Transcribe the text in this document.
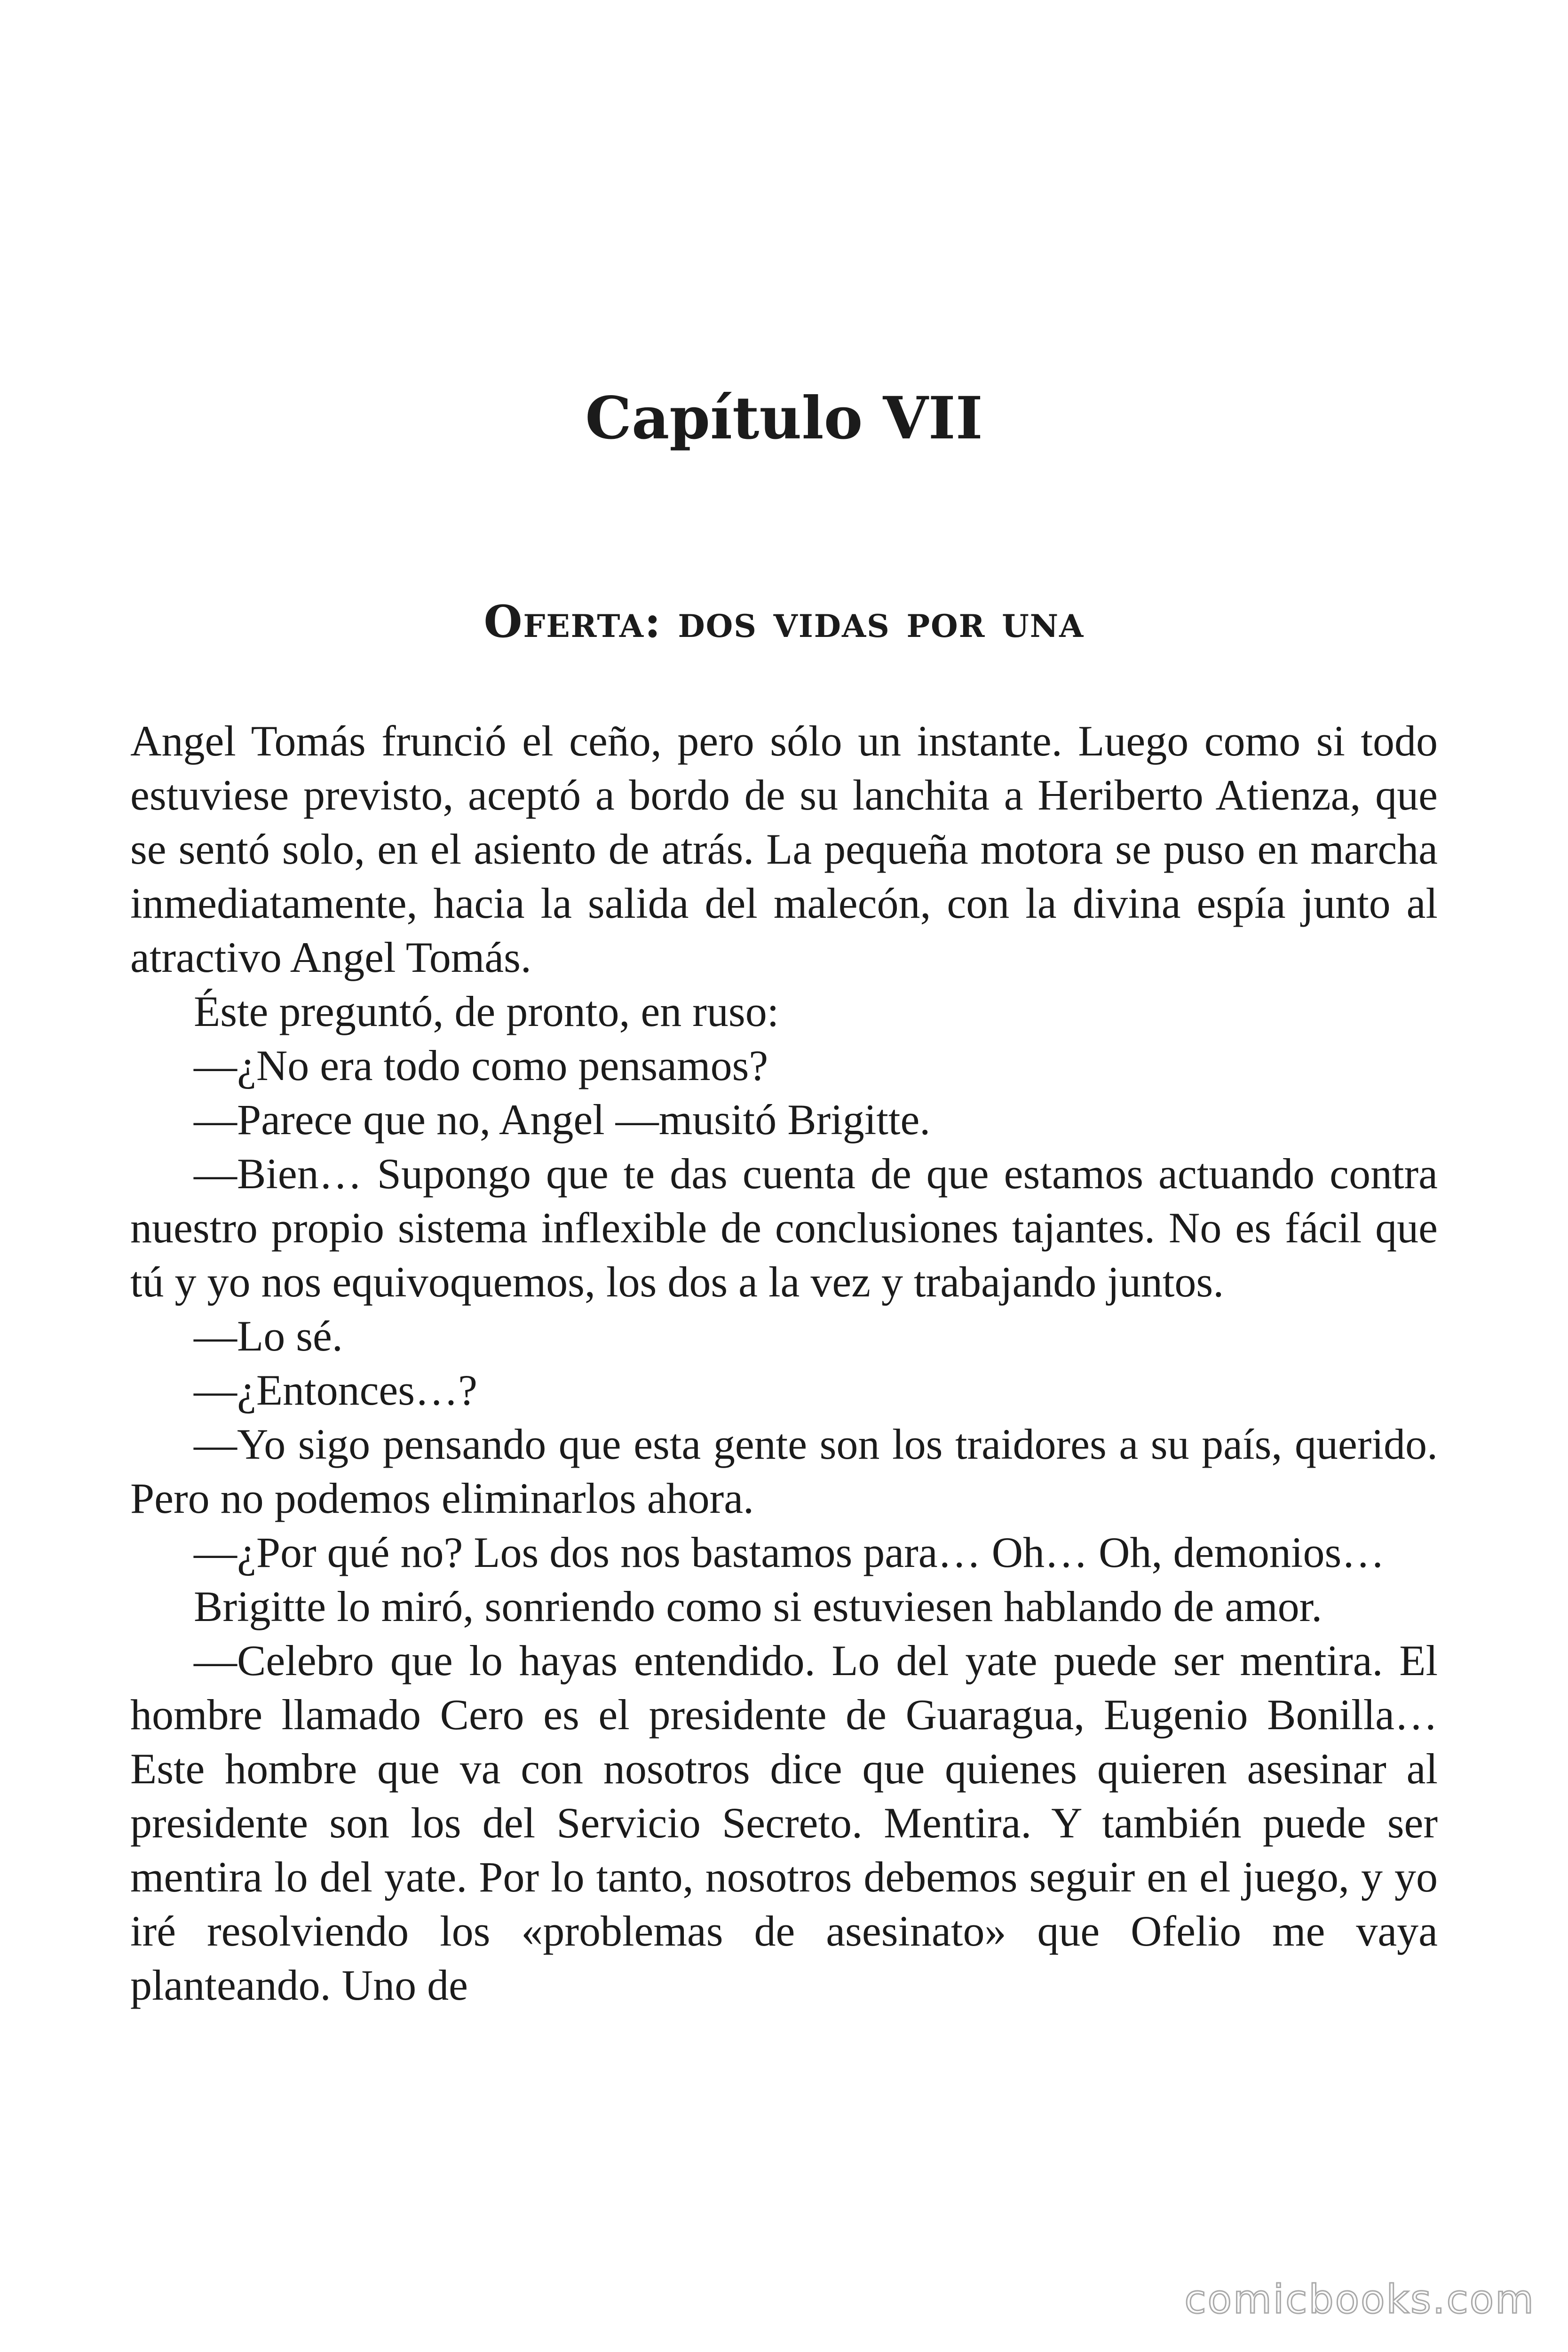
Capítulo VII
Oferta: dos vidas por una

Angel Tomás frunció el ceño, pero sólo un instante. Luego como si todo estuviese previsto, aceptó a bordo de su lanchita a Heriberto Atienza, que se sentó solo, en el asiento de atrás. La pequeña motora se puso en marcha inmediatamente, hacia la salida del malecón, con la divina espía junto al atractivo Angel Tomás.

Éste preguntó, de pronto, en ruso:

—¿No era todo como pensamos?

—Parece que no, Angel —musitó Brigitte.

—Bien… Supongo que te das cuenta de que estamos actuando contra nuestro propio sistema inflexible de conclusiones tajantes. No es fácil que tú y yo nos equivoquemos, los dos a la vez y trabajando juntos.

—Lo sé.

—¿Entonces…?

—Yo sigo pensando que esta gente son los traidores a su país, querido. Pero no podemos eliminarlos ahora.

—¿Por qué no? Los dos nos bastamos para… Oh… Oh, demonios…

Brigitte lo miró, sonriendo como si estuviesen hablando de amor.

—Celebro que lo hayas entendido. Lo del yate puede ser mentira. El hombre llamado Cero es el presidente de Guaragua, Eugenio Bonilla… Este hombre que va con nosotros dice que quienes quieren asesinar al presidente son los del Servicio Secreto. Mentira. Y también puede ser mentira lo del yate. Por lo tanto, nosotros debemos seguir en el juego, y yo iré resolviendo los «problemas de asesinato» que Ofelio me vaya planteando. Uno de

comicbooks.com
